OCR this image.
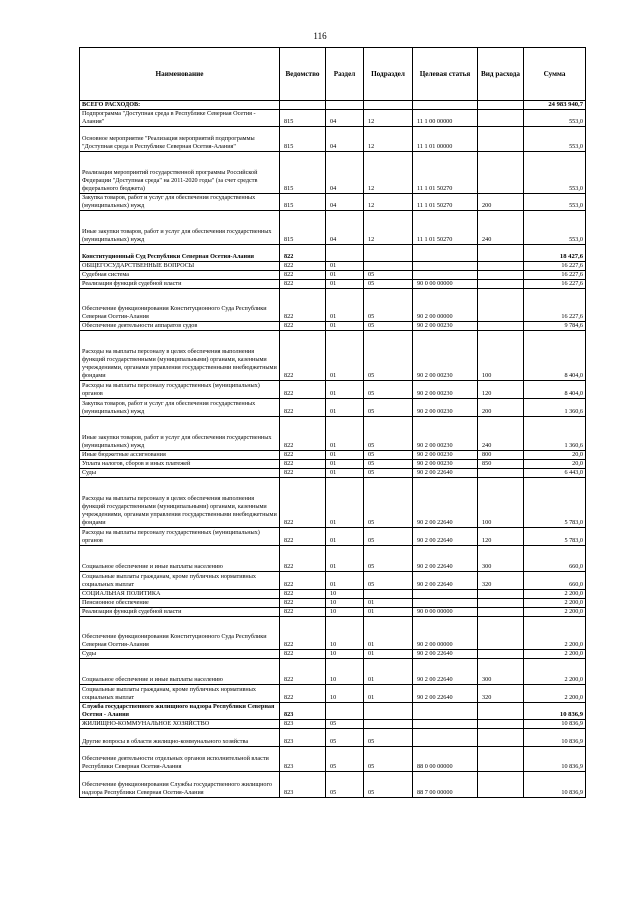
116
Наименование	Ведомство	Раздел	Подраздел	Целевая статья	Вид расхода	Сумма
ВСЕГО РАСХОДОВ:						24 983 940,7
Подпрограмма "Доступная среда в Республике Северная Осетия - Алания"	815	04	12	11 1 00 00000		553,0
Основное мероприятие "Реализация мероприятий подпрограммы "Доступная среда в Республике Северная Осетия-Алания"	815	04	12	11 1 01 00000		553,0
Реализация мероприятий государственной программы Российской Федерации "Доступная среда" на 2011-2020 годы" (за счет средств федерального бюджета)	815	04	12	11 1 01 50270		553,0
Закупка товаров, работ и услуг для обеспечения государственных (муниципальных) нужд	815	04	12	11 1 01 50270	200	553,0
Иные закупки товаров, работ и услуг для обеспечения государственных (муниципальных) нужд	815	04	12	11 1 01 50270	240	553,0
Конституционный Суд Республики Северная Осетия-Алания	822					18 427,6
ОБЩЕГОСУДАРСТВЕННЫЕ ВОПРОСЫ	822	01				16 227,6
Судебная система	822	01	05			16 227,6
Реализация функций судебной власти	822	01	05	90 0 00 00000		16 227,6
Обеспечение функционирования Конституционного Суда Республики Северная Осетия-Алания	822	01	05	90 2 00 00000		16 227,6
Обеспечение деятельности аппаратов судов	822	01	05	90 2 00 00230		9 784,6
Расходы на выплаты персоналу в целях обеспечения выполнения функций государственными (муниципальными) органами, казенными учреждениями, органами управления государственными внебюджетными фондами	822	01	05	90 2 00 00230	100	8 404,0
Расходы на выплаты персоналу государственных (муниципальных) органов	822	01	05	90 2 00 00230	120	8 404,0
Закупка товаров, работ и услуг для обеспечения государственных (муниципальных) нужд	822	01	05	90 2 00 00230	200	1 360,6
Иные закупки товаров, работ и услуг для обеспечения государственных (муниципальных) нужд	822	01	05	90 2 00 00230	240	1 360,6
Иные бюджетные ассигнования	822	01	05	90 2 00 00230	800	20,0
Уплата налогов, сборов и иных платежей	822	01	05	90 2 00 00230	850	20,0
Суды	822	01	05	90 2 00 22640		6 443,0
Расходы на выплаты персоналу в целях обеспечения выполнения функций государственными (муниципальными) органами, казенными учреждениями, органами управления государственными внебюджетными фондами	822	01	05	90 2 00 22640	100	5 783,0
Расходы на выплаты персоналу государственных (муниципальных) органов	822	01	05	90 2 00 22640	120	5 783,0
Социальное обеспечение и иные выплаты населению	822	01	05	90 2 00 22640	300	660,0
Социальные выплаты гражданам, кроме публичных нормативных социальных выплат	822	01	05	90 2 00 22640	320	660,0
СОЦИАЛЬНАЯ ПОЛИТИКА	822	10				2 200,0
Пенсионное обеспечение	822	10	01			2 200,0
Реализация функций судебной власти	822	10	01	90 0 00 00000		2 200,0
Обеспечение функционирования Конституционного Суда Республики Северная Осетия-Алания	822	10	01	90 2 00 00000		2 200,0
Суды	822	10	01	90 2 00 22640		2 200,0
Социальное обеспечение и иные выплаты населению	822	10	01	90 2 00 22640	300	2 200,0
Социальные выплаты гражданам, кроме публичных нормативных социальных выплат	822	10	01	90 2 00 22640	320	2 200,0
Служба государственного жилищного надзора Республики Северная Осетия - Алания	823					10 836,9
ЖИЛИЩНО-КОММУНАЛЬНОЕ ХОЗЯЙСТВО	823	05				10 836,9
Другие вопросы в области жилищно-коммунального хозяйства	823	05	05			10 836,9
Обеспечение деятельности отдельных органов исполнительной власти Республики Северная Осетия-Алания	823	05	05	88 0 00 00000		10 836,9
Обеспечение функционирования Службы государственного жилищного надзора Республики Северная Осетия-Алания	823	05	05	88 7 00 00000		10 836,9
